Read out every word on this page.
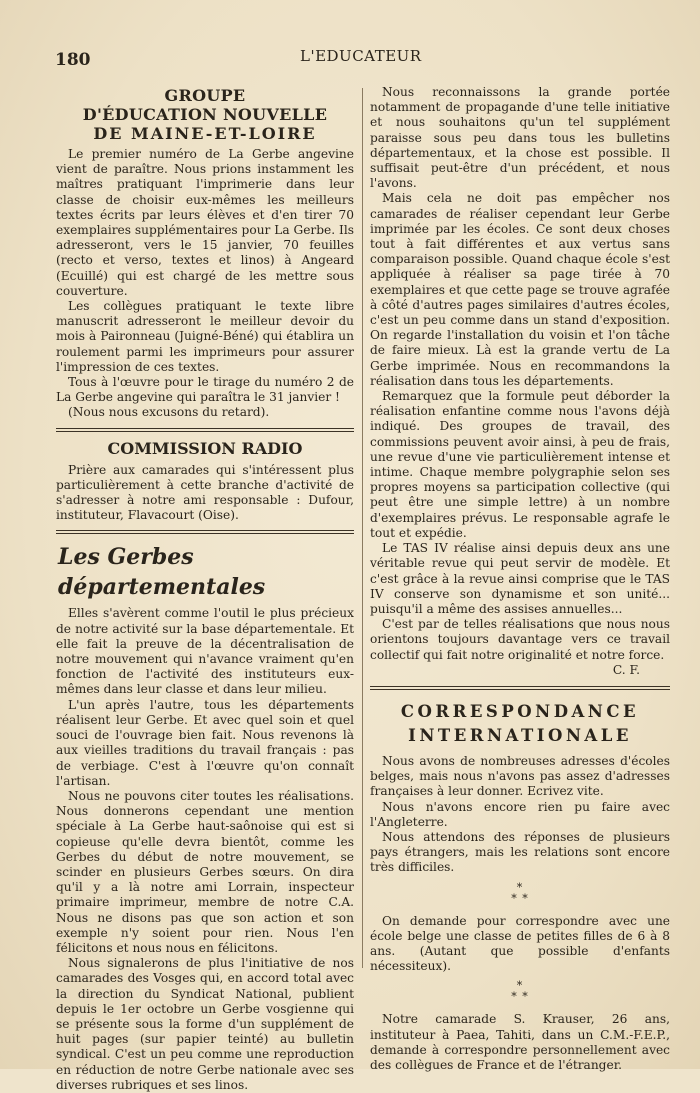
180	L'EDUCATEUR
GROUPE
D'ÉDUCATION NOUVELLE
DE MAINE-ET-LOIRE

Le premier numéro de La Gerbe angevine vient de paraître. Nous prions instamment les maîtres pratiquant l'imprimerie dans leur classe de choisir eux-mêmes les meilleurs textes écrits par leurs élèves et d'en tirer 70 exemplaires supplémentaires pour La Gerbe. Ils adresseront, vers le 15 janvier, 70 feuilles (recto et verso, textes et linos) à Angeard (Ecuillé) qui est chargé de les mettre sous couverture.

Les collègues pratiquant le texte libre manuscrit adresseront le meilleur devoir du mois à Paironneau (Juigné-Béné) qui établira un roulement parmi les imprimeurs pour assurer l'impression de ces textes.

Tous à l'œuvre pour le tirage du numéro 2 de La Gerbe angevine qui paraîtra le 31 janvier !

(Nous nous excusons du retard).

COMMISSION RADIO

Prière aux camarades qui s'intéressent plus particulièrement à cette branche d'activité de s'adresser à notre ami responsable : Dufour, instituteur, Flavacourt (Oise).

Les Gerbes départementales

Elles s'avèrent comme l'outil le plus précieux de notre activité sur la base départementale. Et elle fait la preuve de la décentralisation de notre mouvement qui n'avance vraiment qu'en fonction de l'activité des instituteurs eux-mêmes dans leur classe et dans leur milieu.

L'un après l'autre, tous les départements réalisent leur Gerbe. Et avec quel soin et quel souci de l'ouvrage bien fait. Nous revenons là aux vieilles traditions du travail français : pas de verbiage. C'est à l'œuvre qu'on connaît l'artisan.

Nous ne pouvons citer toutes les réalisations. Nous donnerons cependant une mention spéciale à La Gerbe haut-saônoise qui est si copieuse qu'elle devra bientôt, comme les Gerbes du début de notre mouvement, se scinder en plusieurs Gerbes sœurs. On dira qu'il y a là notre ami Lorrain, inspecteur primaire imprimeur, membre de notre C.A. Nous ne disons pas que son action et son exemple n'y soient pour rien. Nous l'en félicitons et nous nous en félicitons.

Nous signalerons de plus l'initiative de nos camarades des Vosges qui, en accord total avec la direction du Syndicat National, publient depuis le 1er octobre un Gerbe vosgienne qui se présente sous la forme d'un supplément de huit pages (sur papier teinté) au bulletin syndical. C'est un peu comme une reproduction en réduction de notre Gerbe nationale avec ses diverses rubriques et ses linos.

Nous reconnaissons la grande portée notamment de propagande d'une telle initiative et nous souhaitons qu'un tel supplément paraisse sous peu dans tous les bulletins départementaux, et la chose est possible. Il suffisait peut-être d'un précédent, et nous l'avons.

Mais cela ne doit pas empêcher nos camarades de réaliser cependant leur Gerbe imprimée par les écoles. Ce sont deux choses tout à fait différentes et aux vertus sans comparaison possible. Quand chaque école s'est appliquée à réaliser sa page tirée à 70 exemplaires et que cette page se trouve agrafée à côté d'autres pages similaires d'autres écoles, c'est un peu comme dans un stand d'exposition. On regarde l'installation du voisin et l'on tâche de faire mieux. Là est la grande vertu de La Gerbe imprimée. Nous en recommandons la réalisation dans tous les départements.

Remarquez que la formule peut déborder la réalisation enfantine comme nous l'avons déjà indiqué. Des groupes de travail, des commissions peuvent avoir ainsi, à peu de frais, une revue d'une vie particulièrement intense et intime. Chaque membre polygraphie selon ses propres moyens sa participation collective (qui peut être une simple lettre) à un nombre d'exemplaires prévus. Le responsable agrafe le tout et expédie.

Le TAS IV réalise ainsi depuis deux ans une véritable revue qui peut servir de modèle. Et c'est grâce à la revue ainsi comprise que le TAS IV conserve son dynamisme et son unité... puisqu'il a même des assises annuelles...

C'est par de telles réalisations que nous nous orientons toujours davantage vers ce travail collectif qui fait notre originalité et notre force.

C. F.

CORRESPONDANCE
INTERNATIONALE

Nous avons de nombreuses adresses d'écoles belges, mais nous n'avons pas assez d'adresses françaises à leur donner. Ecrivez vite.

Nous n'avons encore rien pu faire avec l'Angleterre.

Nous attendons des réponses de plusieurs pays étrangers, mais les relations sont encore très difficiles.

*
* *

On demande pour correspondre avec une école belge une classe de petites filles de 6 à 8 ans. (Autant que possible d'enfants nécessiteux).

*
* *

Notre camarade S. Krauser, 26 ans, instituteur à Paea, Tahiti, dans un C.M.-F.E.P., demande à correspondre personnellement avec des collègues de France et de l'étranger.
